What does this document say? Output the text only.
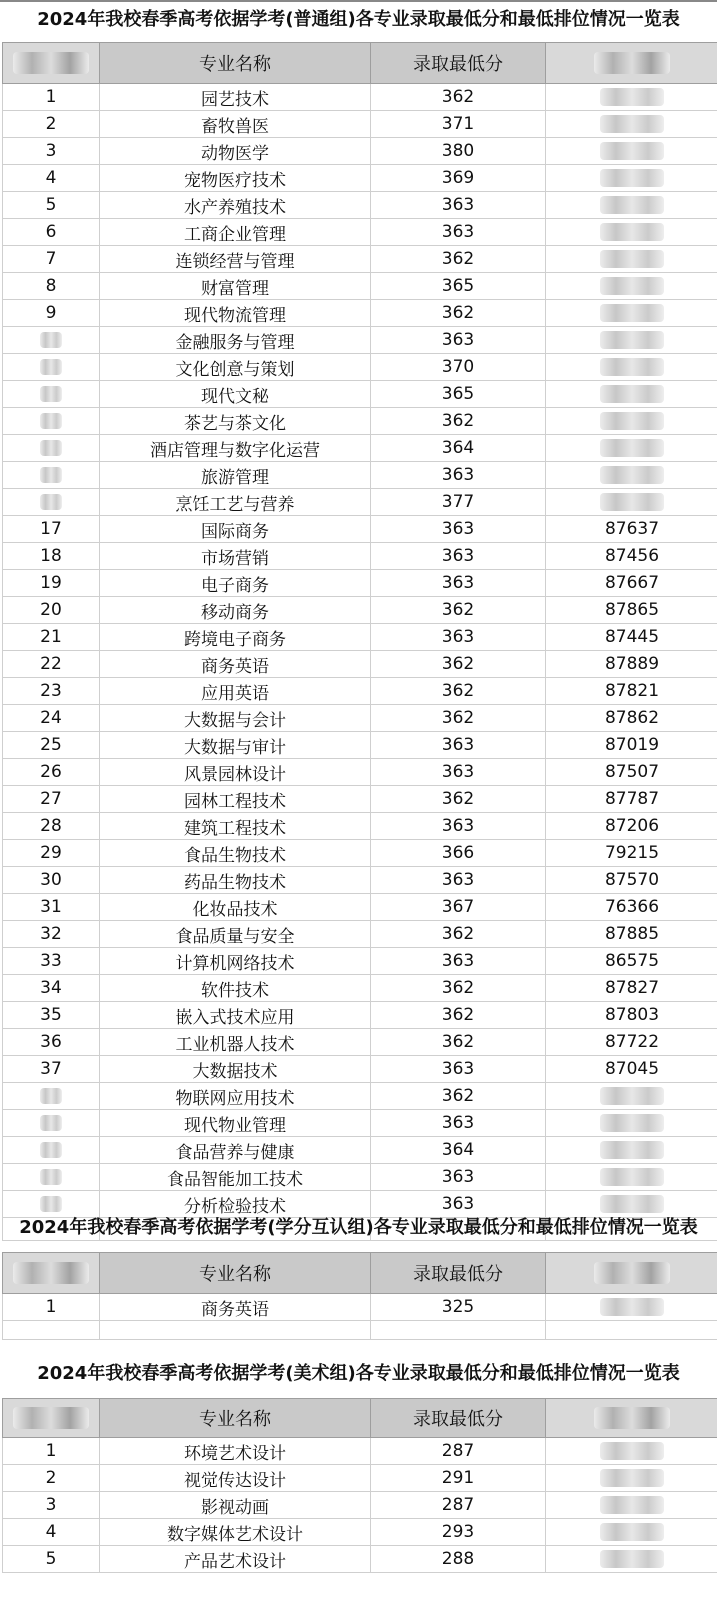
2024年我校春季高考依据学考(普通组)各专业录取最低分和最低排位情况一览表
	专业名称	录取最低分	
1	园艺技术	362	
2	畜牧兽医	371	
3	动物医学	380	
4	宠物医疗技术	369	
5	水产养殖技术	363	
6	工商企业管理	363	
7	连锁经营与管理	362	
8	财富管理	365	
9	现代物流管理	362	
	金融服务与管理	363	
	文化创意与策划	370	
	现代文秘	365	
	茶艺与茶文化	362	
	酒店管理与数字化运营	364	
	旅游管理	363	
	烹饪工艺与营养	377	
17	国际商务	363	87637
18	市场营销	363	87456
19	电子商务	363	87667
20	移动商务	362	87865
21	跨境电子商务	363	87445
22	商务英语	362	87889
23	应用英语	362	87821
24	大数据与会计	362	87862
25	大数据与审计	363	87019
26	风景园林设计	363	87507
27	园林工程技术	362	87787
28	建筑工程技术	363	87206
29	食品生物技术	366	79215
30	药品生物技术	363	87570
31	化妆品技术	367	76366
32	食品质量与安全	362	87885
33	计算机网络技术	363	86575
34	软件技术	362	87827
35	嵌入式技术应用	362	87803
36	工业机器人技术	362	87722
37	大数据技术	363	87045
	物联网应用技术	362	
	现代物业管理	363	
	食品营养与健康	364	
	食品智能加工技术	363	
	分析检验技术	363	

2024年我校春季高考依据学考(学分互认组)各专业录取最低分和最低排位情况一览表
	专业名称	录取最低分	
1	商务英语	325	

2024年我校春季高考依据学考(美术组)各专业录取最低分和最低排位情况一览表
	专业名称	录取最低分	
1	环境艺术设计	287	
2	视觉传达设计	291	
3	影视动画	287	
4	数字媒体艺术设计	293	
5	产品艺术设计	288	
